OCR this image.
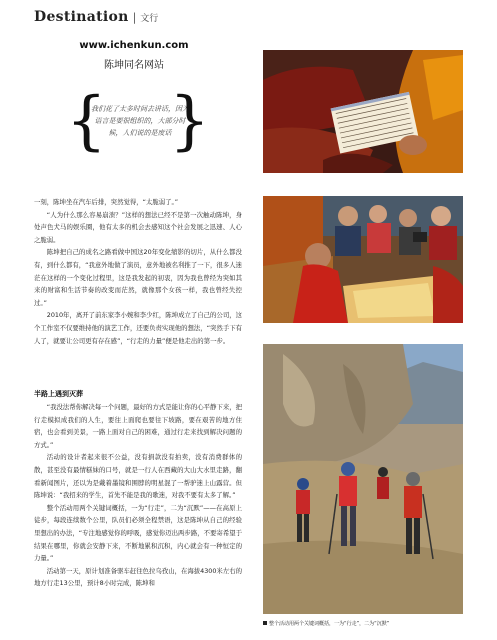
Destination | 文行
www.ichenkun.com
陈坤同名网站
{
我们花了太多时间去讲话，因为语言是要很组织的，大部分时候，人们说的是废话
}
整个活动用两个关键词概括，一为“行走”，二为“沉默”

一刻，陈坤坐在汽车后排，突然觉得，“太脆弱了。”

“人为什么那么容易崩溃？”这样的想法已经不是第一次触动陈坤，身处声色犬马的娱乐圈，他有太多的机会去感知这个社会发展之迅速、人心之脆弱。

陈坤把自己的成名之路看做中国这20年变化缩影的切片，从什么都没有，到什么都有，“我意外地做了演员，意外地被名利推了一下，很多人迷茫在这样的一个变化过程里，这是我发起的初衷，因为我也曾经为突如其来的财富和生活节奏的改变而茫然，就像那个女孩一样，我也曾经失控过。”

2010年，离开了前东家李小婉和李少红，陈坤成立了自己的公司，这个工作室不仅要维持他的演艺工作，还要负责实现他的想法，“突然手下有人了，就要让公司更有存在感”，“行走的力量”便是他走出的第一步。

半路上遇到灭葬

“我没法帮你解决每一个问题，最好的方式是能让你的心平静下来，把行走模拟成我们的人生，要往上面爬也要往下坡路，要在艰苦的地方住宿，也会看到美景，一路上面对自己的困难，通过行走来找到解决问题的方式。”

活动的设计者起来很不公益，没有捐款没有拍卖，没有消费群体的散，甚至没有最情糕妹的口号，就是一行人在西藏的大山大水里走路，翻看新闻图片，还以为是戴着墨镜和围脖的明星混了一帮驴迷上山露营。但陈坤说：“我招来的学生，首先不能是我的歌迷，对我不要有太多了解。”

整个活动用两个关键词概括，一为“行走”，二为“沉默”——在高原上徒步，每段连续数个公里，队员们必须全程禁语，这是陈坤从自己的经验里想出的办法，“专注地感觉你的呼吸，感觉你迈出两步路，不要寄希望于结果在哪里，你就会安静下来，不断地累积沉积，内心就会有一种恒定的力量。”

活动第一天，原计划准备驱车赶往色拉乌孜山，在海拔4300米左右的地方行走13公里，预计8小时完成，陈坤和
